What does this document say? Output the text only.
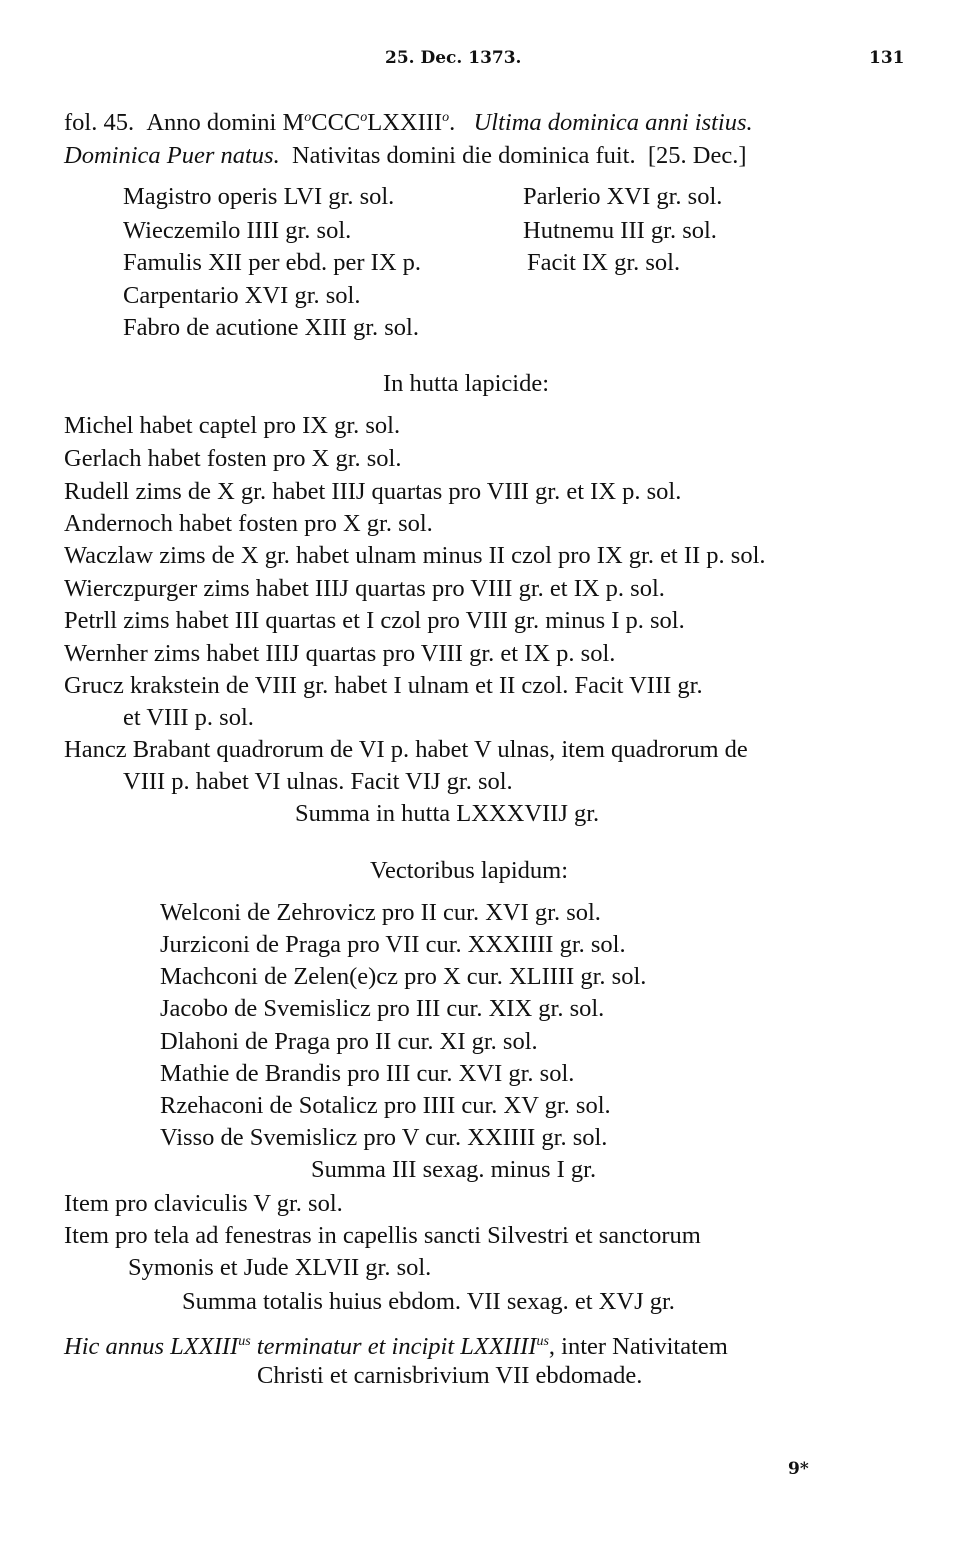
25. Dec. 1373.	131
fol. 45. Anno domini $M^oCCC^oLXXIII^o$. Ultima dominica anni istius.
Dominica Puer natus. Nativitas domini die dominica fuit. [25. Dec.]
Magistro operis LVI gr. sol.
Wieczemilo IIII gr. sol.
Famulis XII per ebd. per IX p.
Carpentario XVI gr. sol.
Fabro de acutione XIII gr. sol.
Parlerio XVI gr. sol.
Hutnemu III gr. sol.
Facit IX gr. sol.
In hutta lapicide:
Michel habet captel pro IX gr. sol.
Gerlach habet fosten pro X gr. sol.
Rudell zims de X gr. habet IIIJ quartas pro VIII gr. et IX p. sol.
Andernoch habet fosten pro X gr. sol.
Waczlaw zims de X gr. habet ulnam minus II czol pro IX gr. et II p. sol.
Wierczpurger zims habet IIIJ quartas pro VIII gr. et IX p. sol.
Petrll zims habet III quartas et I czol pro VIII gr. minus I p. sol.
Wernher zims habet IIIJ quartas pro VIII gr. et IX p. sol.
Grucz krakstein de VIII gr. habet I ulnam et II czol. Facit VIII gr.
et VIII p. sol.
Hancz Brabant quadrorum de VI p. habet V ulnas, item quadrorum de
VIII p. habet VI ulnas. Facit VIJ gr. sol.
Summa in hutta LXXXVIIJ gr.
Vectoribus lapidum:
Welconi de Zehrovicz pro II cur. XVI gr. sol.
Jurziconi de Praga pro VII cur. XXXIIII gr. sol.
Machconi de Zelen(e)cz pro X cur. XLIIII gr. sol.
Jacobo de Svemislicz pro III cur. XIX gr. sol.
Dlahoni de Praga pro II cur. XI gr. sol.
Mathie de Brandis pro III cur. XVI gr. sol.
Rzehaconi de Sotalicz pro IIII cur. XV gr. sol.
Visso de Svemislicz pro V cur. XXIIII gr. sol.
Summa III sexag. minus I gr.
Item pro claviculis V gr. sol.
Item pro tela ad fenestras in capellis sancti Silvestri et sanctorum
Symonis et Jude XLVII gr. sol.
Summa totalis huius ebdom. VII sexag. et XVJ gr.
Hic annus $LXXIII^{us}$ terminatur et incipit $LXXIIII^{us}$, inter Nativitatem
Christi et carnisbrivium VII ebdomade.
9*
